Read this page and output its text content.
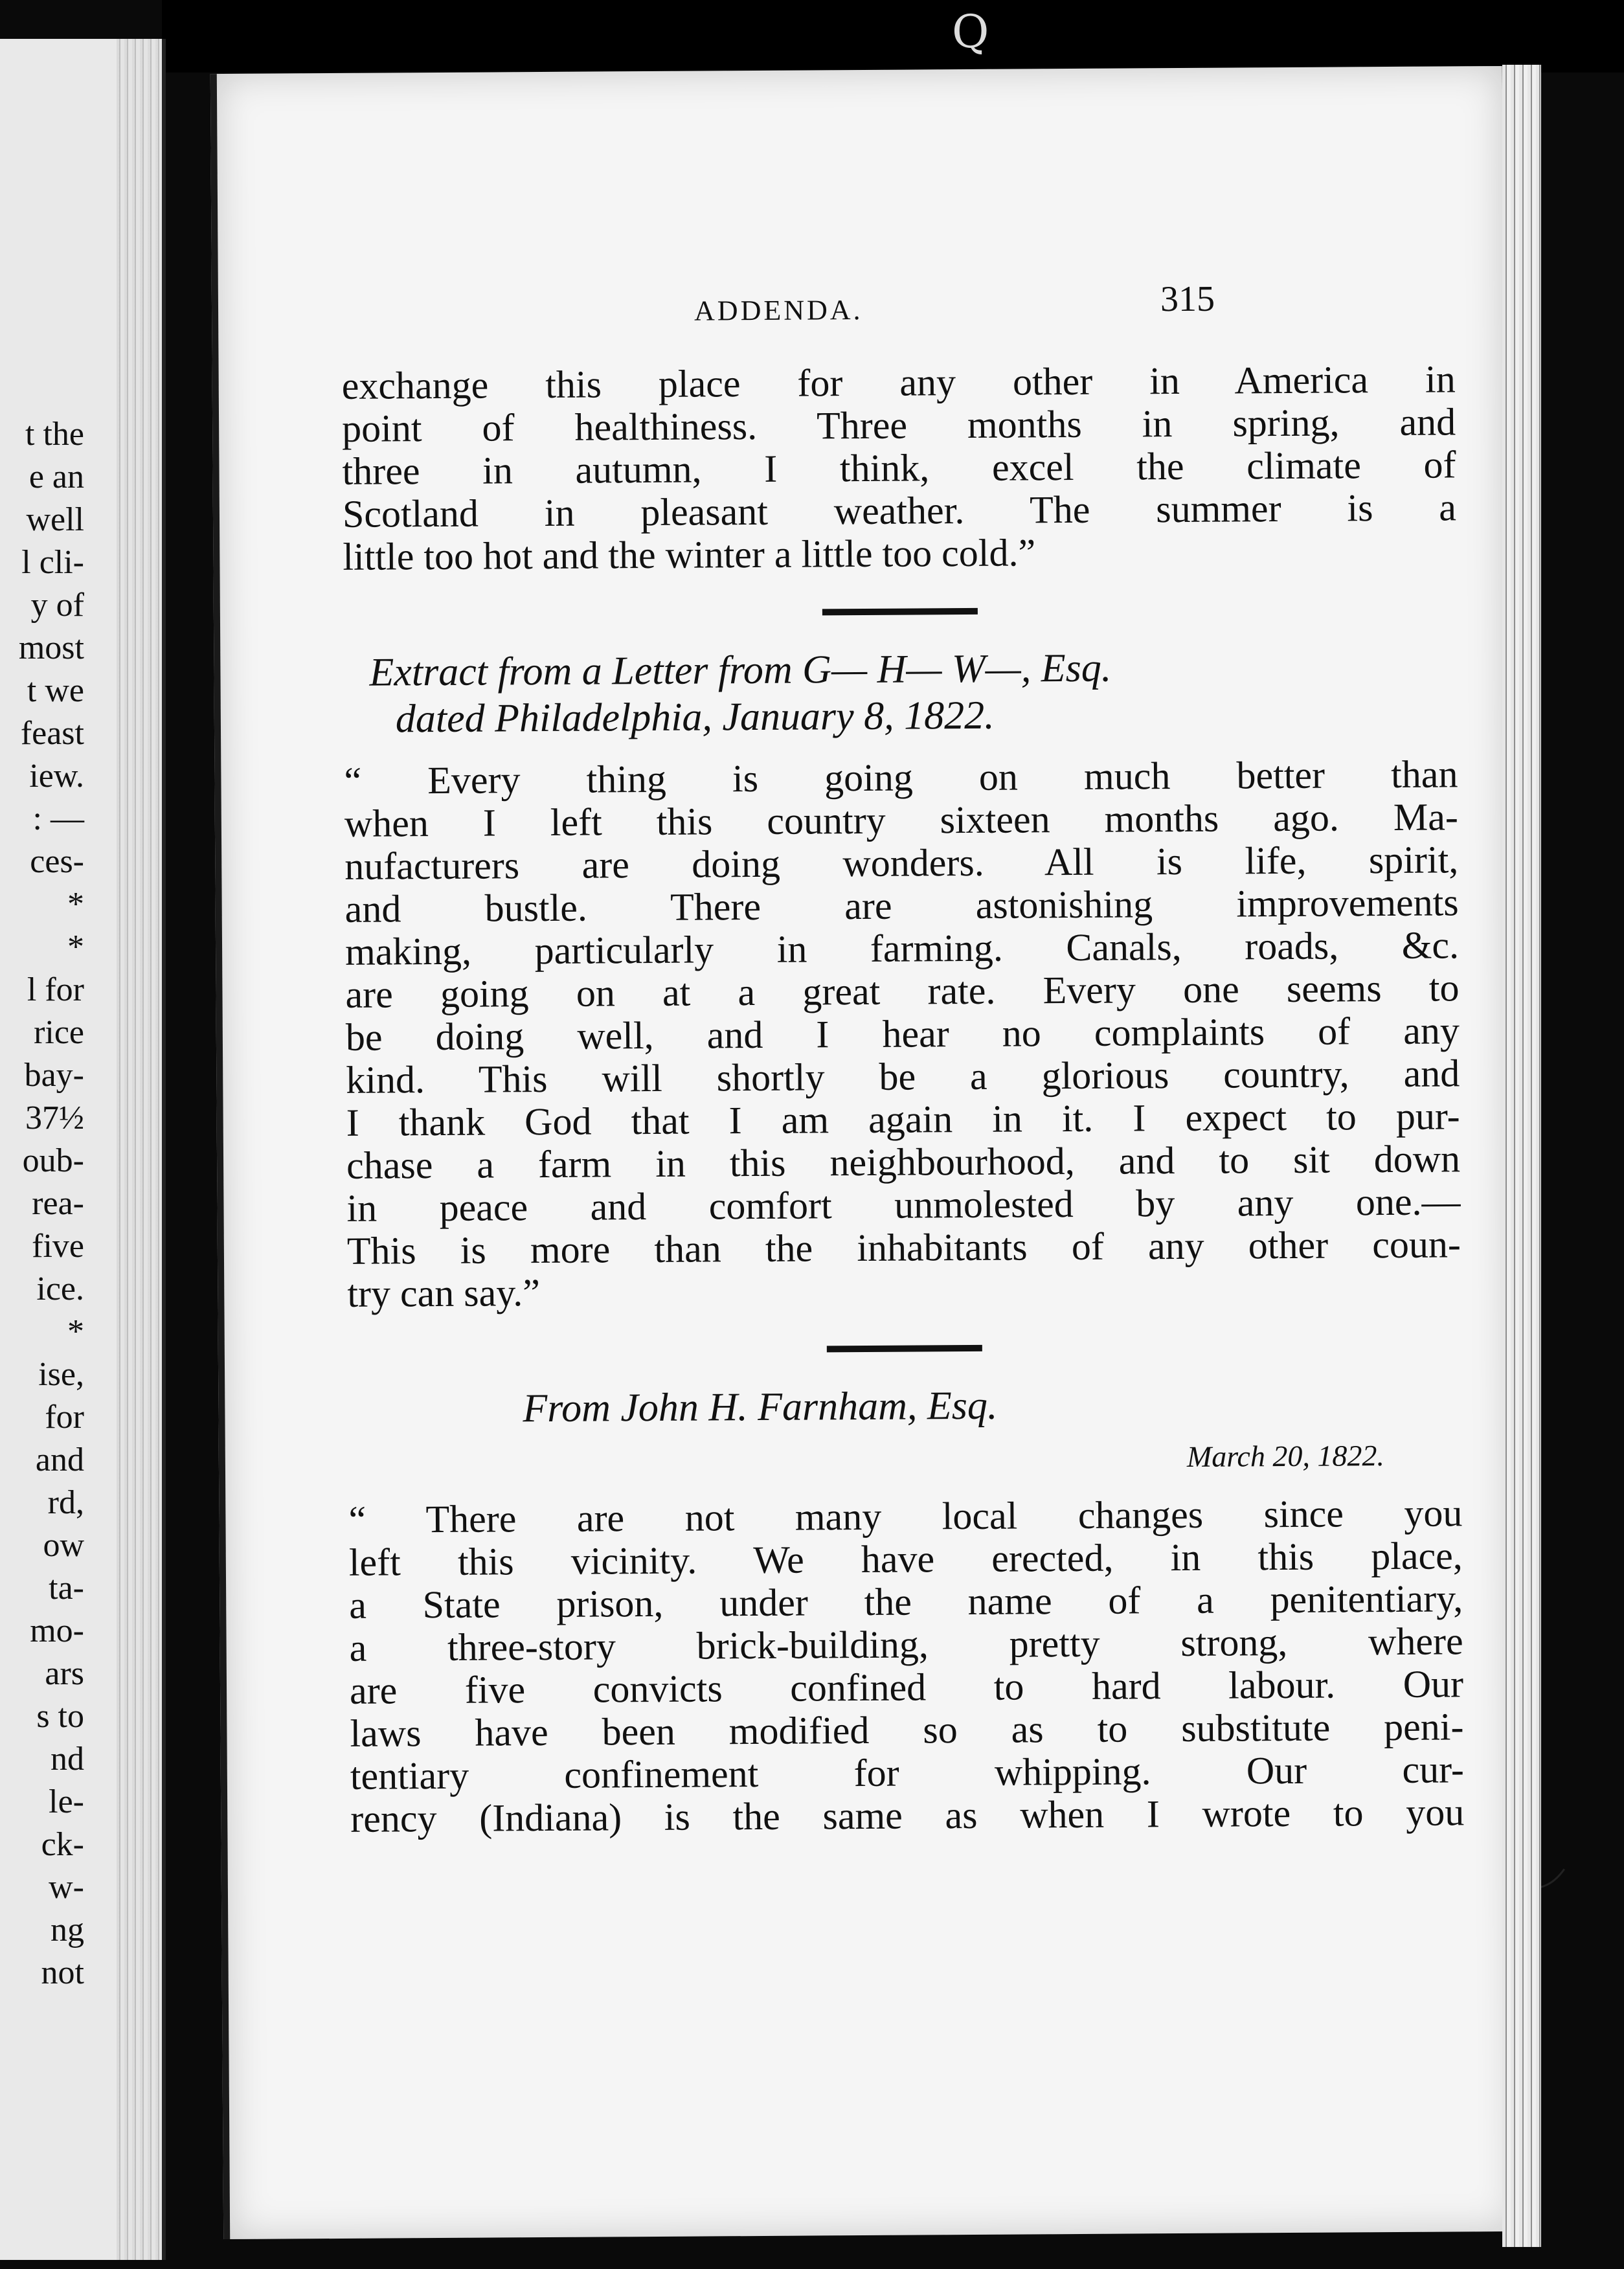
Q
t the
e an
well
l cli-
y of
most
t we
feast
iew.
: —
ces-
*
*
l for
rice
bay-
37½
oub-
rea-
five
ice.
*
ise,
for
and
rd,
ow
ta-
mo-
ars
s to
nd
le-
ck-
w-
ng
not
ADDENDA.	315
exchange this place for any other in America in
point of healthiness. Three months in spring, and
three in autumn, I think, excel the climate of
Scotland in pleasant weather. The summer is a
little too hot and the winter a little too cold.”
Extract from a Letter from G— H— W—, Esq.
dated Philadelphia, January 8, 1822.
“ Every thing is going on much better than
when I left this country sixteen months ago. Ma-
nufacturers are doing wonders. All is life, spirit,
and bustle. There are astonishing improvements
making, particularly in farming. Canals, roads, &c.
are going on at a great rate. Every one seems to
be doing well, and I hear no complaints of any
kind. This will shortly be a glorious country, and
I thank God that I am again in it. I expect to pur-
chase a farm in this neighbourhood, and to sit down
in peace and comfort unmolested by any one.—
This is more than the inhabitants of any other coun-
try can say.”
From John H. Farnham, Esq.
March 20, 1822.
“ There are not many local changes since you
left this vicinity. We have erected, in this place,
a State prison, under the name of a penitentiary,
a three-story brick-building, pretty strong, where
are five convicts confined to hard labour. Our
laws have been modified so as to substitute peni-
tentiary confinement for whipping. Our cur-
rency (Indiana) is the same as when I wrote to you
